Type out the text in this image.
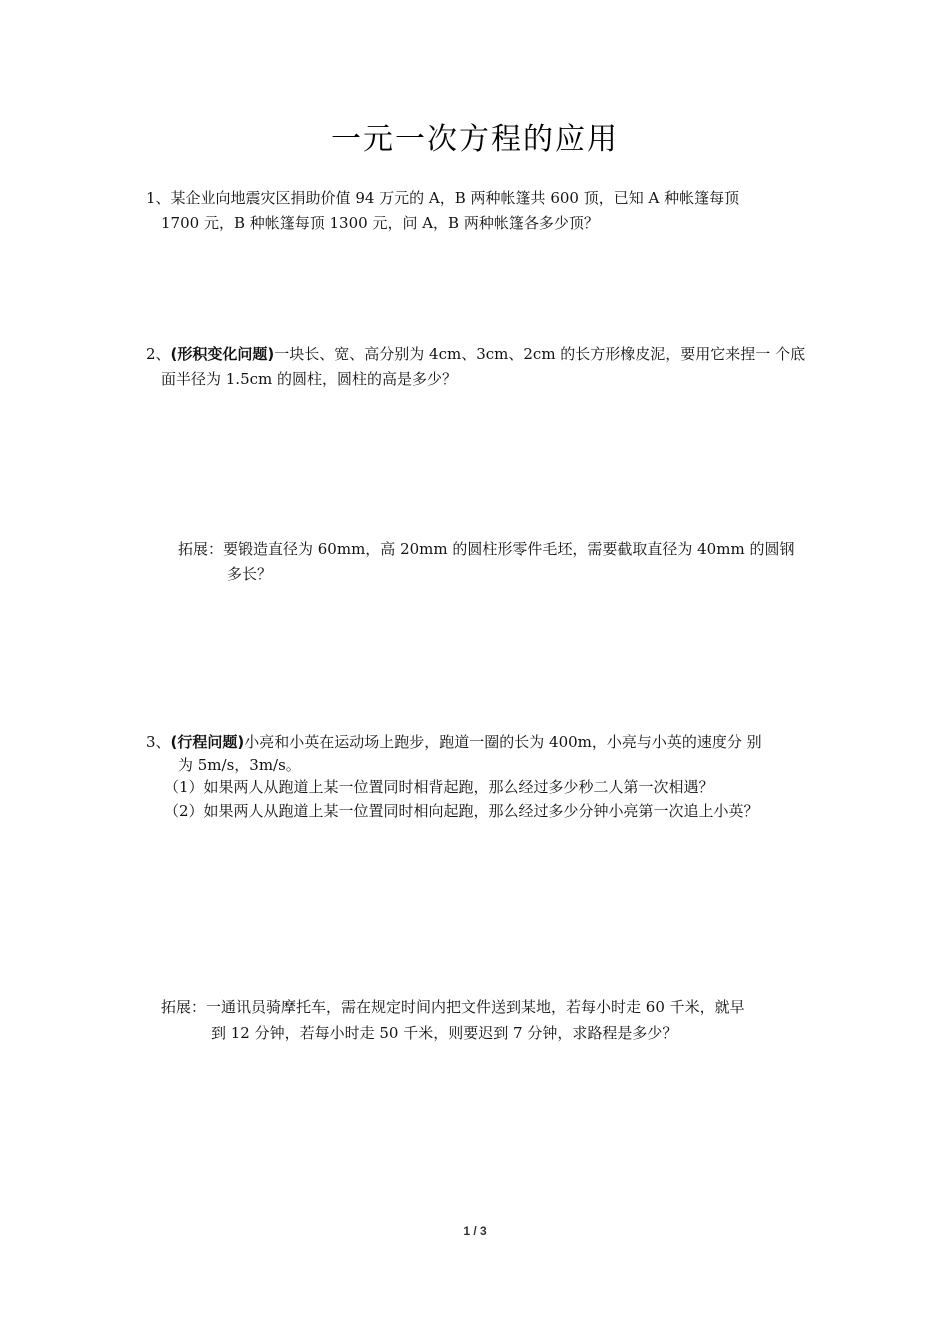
一元一次方程的应用
1、某企业向地震灾区捐助价值 94 万元的 A，B 两种帐篷共 600 顶，已知 A 种帐篷每顶
1700 元，B 种帐篷每顶 1300 元，问 A，B 两种帐篷各多少顶？
2、(形积变化问题)一块长、宽、高分别为 4cm、3cm、2cm 的长方形橡皮泥，要用它来捏一 个底
面半径为 1.5cm 的圆柱，圆柱的高是多少？
拓展：要锻造直径为 60mm，高 20mm 的圆柱形零件毛坯，需要截取直径为 40mm 的圆钢
多长？
3、(行程问题)小亮和小英在运动场上跑步，跑道一圈的长为 400m，小亮与小英的速度分 别
为 5m/s，3m/s。
（1）如果两人从跑道上某一位置同时相背起跑，那么经过多少秒二人第一次相遇？
（2）如果两人从跑道上某一位置同时相向起跑，那么经过多少分钟小亮第一次追上小英？
拓展：一通讯员骑摩托车，需在规定时间内把文件送到某地，若每小时走 60 千米，就早
到 12 分钟，若每小时走 50 千米，则要迟到 7 分钟，求路程是多少？
1 / 3
